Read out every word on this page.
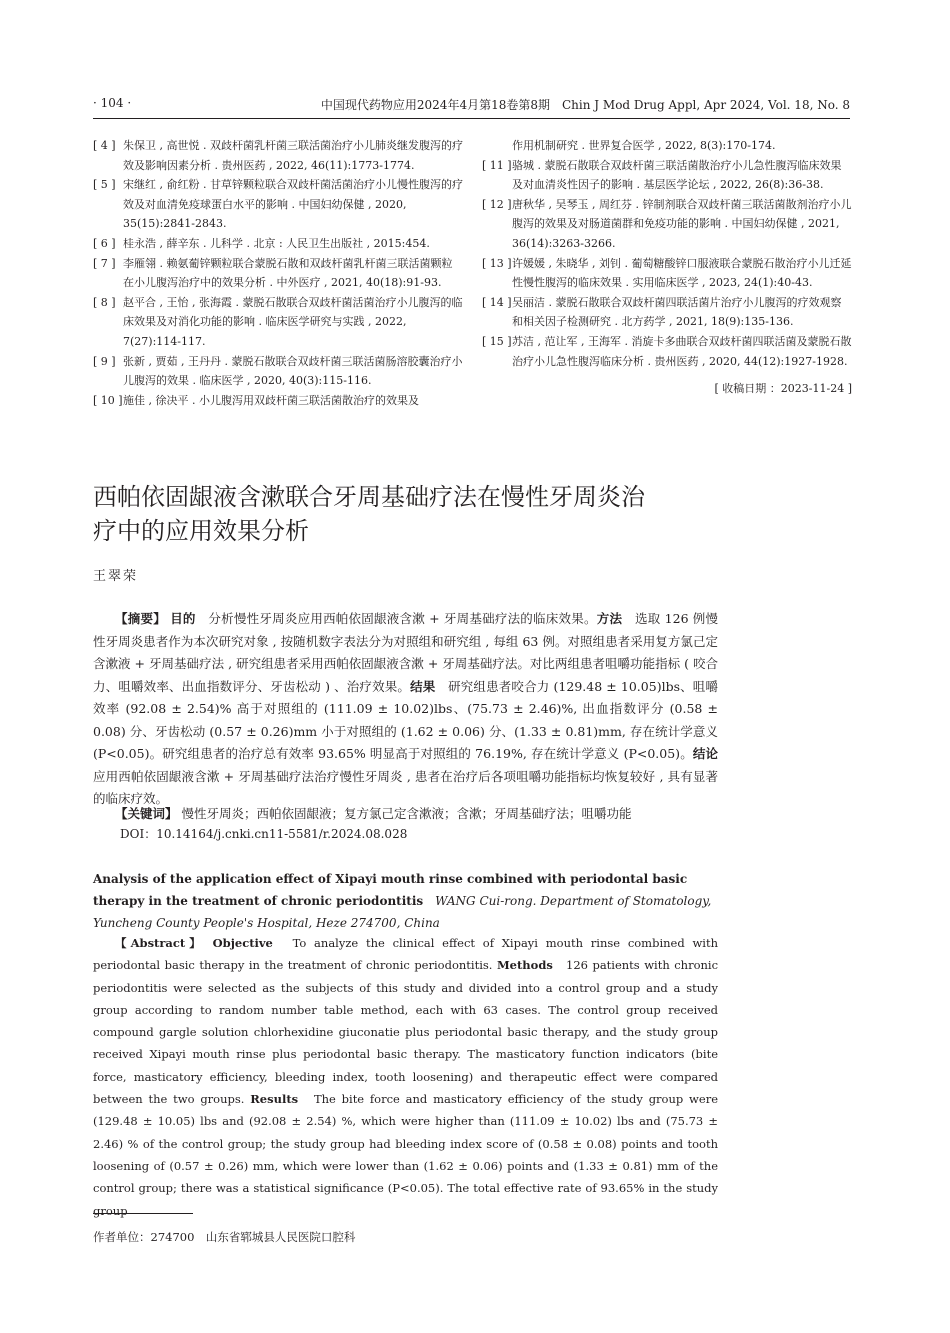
· 104 ·	中国现代药物应用2024年4月第18卷第8期　Chin J Mod Drug Appl, Apr 2024, Vol. 18, No. 8
[ 4 ] 朱保卫 , 高世悦 . 双歧杆菌乳杆菌三联活菌治疗小儿肺炎继发腹泻的疗效及影响因素分析 . 贵州医药 , 2022, 46(11):1773-1774.
[ 5 ] 宋继红 , 俞红粉 . 甘草锌颗粒联合双歧杆菌活菌治疗小儿慢性腹泻的疗效及对血清免疫球蛋白水平的影响 . 中国妇幼保健 , 2020, 35(15):2841-2843.
[ 6 ] 桂永浩 , 薛辛东 . 儿科学 . 北京 : 人民卫生出版社 , 2015:454.
[ 7 ] 李雁翎 . 赖氨葡锌颗粒联合蒙脱石散和双歧杆菌乳杆菌三联活菌颗粒在小儿腹泻治疗中的效果分析 . 中外医疗 , 2021, 40(18):91-93.
[ 8 ] 赵平合 , 王怡 , 张海霞 . 蒙脱石散联合双歧杆菌活菌治疗小儿腹泻的临床效果及对消化功能的影响 . 临床医学研究与实践 , 2022, 7(27):114-117.
[ 9 ] 张新 , 贾茹 , 王丹丹 . 蒙脱石散联合双歧杆菌三联活菌肠溶胶囊治疗小儿腹泻的效果 . 临床医学 , 2020, 40(3):115-116.
[ 10 ] 施佳 , 徐决平 . 小儿腹泻用双歧杆菌三联活菌散治疗的效果及
作用机制研究 . 世界复合医学 , 2022, 8(3):170-174.
[ 11 ] 骆城 . 蒙脱石散联合双歧杆菌三联活菌散治疗小儿急性腹泻临床效果及对血清炎性因子的影响 . 基层医学论坛 , 2022, 26(8):36-38.
[ 12 ] 唐秋华 , 吴琴玉 , 周红芬 . 锌制剂联合双歧杆菌三联活菌散剂治疗小儿腹泻的效果及对肠道菌群和免疫功能的影响 . 中国妇幼保健 , 2021, 36(14):3263-3266.
[ 13 ] 许媛媛 , 朱晓华 , 刘钊 . 葡萄糖酸锌口服液联合蒙脱石散治疗小儿迁延性慢性腹泻的临床效果 . 实用临床医学 , 2023, 24(1):40-43.
[ 14 ] 吴丽洁 . 蒙脱石散联合双歧杆菌四联活菌片治疗小儿腹泻的疗效观察和相关因子检测研究 . 北方药学 , 2021, 18(9):135-136.
[ 15 ] 苏洁 , 范让军 , 王海军 . 消旋卡多曲联合双歧杆菌四联活菌及蒙脱石散治疗小儿急性腹泻临床分析 . 贵州医药 , 2020, 44(12):1927-1928.
[ 收稿日期 ：2023-11-24 ]
西帕依固龈液含漱联合牙周基础疗法在慢性牙周炎治疗中的应用效果分析
王翠荣

【摘要】 目的　 分析慢性牙周炎应用西帕依固龈液含漱 + 牙周基础疗法的临床效果。方法　 选取 126 例慢性牙周炎患者作为本次研究对象 , 按随机数字表法分为对照组和研究组 , 每组 63 例。对照组患者采用复方氯己定含漱液 + 牙周基础疗法 , 研究组患者采用西帕依固龈液含漱 + 牙周基础疗法。对比两组患者咀嚼功能指标 ( 咬合力、咀嚼效率、出血指数评分、牙齿松动 ) 、治疗效果。结果　 研究组患者咬合力 (129.48 ± 10.05)lbs、咀嚼效率 (92.08 ± 2.54)% 高于对照组的 (111.09 ± 10.02)lbs、(75.73 ± 2.46)%, 出血指数评分 (0.58 ± 0.08) 分、牙齿松动 (0.57 ± 0.26)mm 小于对照组的 (1.62 ± 0.06) 分、(1.33 ± 0.81)mm, 存在统计学意义 (P<0.05)。研究组患者的治疗总有效率 93.65% 明显高于对照组的 76.19%, 存在统计学意义 (P<0.05)。结论　应用西帕依固龈液含漱 + 牙周基础疗法治疗慢性牙周炎 , 患者在治疗后各项咀嚼功能指标均恢复较好 , 具有显著的临床疗效。

【关键词】 慢性牙周炎；西帕依固龈液；复方氯己定含漱液；含漱；牙周基础疗法；咀嚼功能
DOI：10.14164/j.cnki.cn11-5581/r.2024.08.028

Analysis of the application effect of Xipayi mouth rinse combined with periodontal basic therapy in the treatment of chronic periodontitis　 WANG Cui-rong. Department of Stomatology, Yuncheng County People's Hospital, Heze 274700, China

【Abstract】 Objective　 To analyze the clinical effect of Xipayi mouth rinse combined with periodontal basic therapy in the treatment of chronic periodontitis. Methods　 126 patients with chronic periodontitis were selected as the subjects of this study and divided into a control group and a study group according to random number table method, each with 63 cases. The control group received compound gargle solution chlorhexidine giuconatie plus periodontal basic therapy, and the study group received Xipayi mouth rinse plus periodontal basic therapy. The masticatory function indicators (bite force, masticatory efficiency, bleeding index, tooth loosening) and therapeutic effect were compared between the two groups. Results　 The bite force and masticatory efficiency of the study group were (129.48 ± 10.05) lbs and (92.08 ± 2.54) %, which were higher than (111.09 ± 10.02) lbs and (75.73 ± 2.46) % of the control group; the study group had bleeding index score of (0.58 ± 0.08) points and tooth loosening of (0.57 ± 0.26) mm, which were lower than (1.62 ± 0.06) points and (1.33 ± 0.81) mm of the control group; there was a statistical significance (P<0.05). The total effective rate of 93.65% in the study group

作者单位：274700　山东省郓城县人民医院口腔科
